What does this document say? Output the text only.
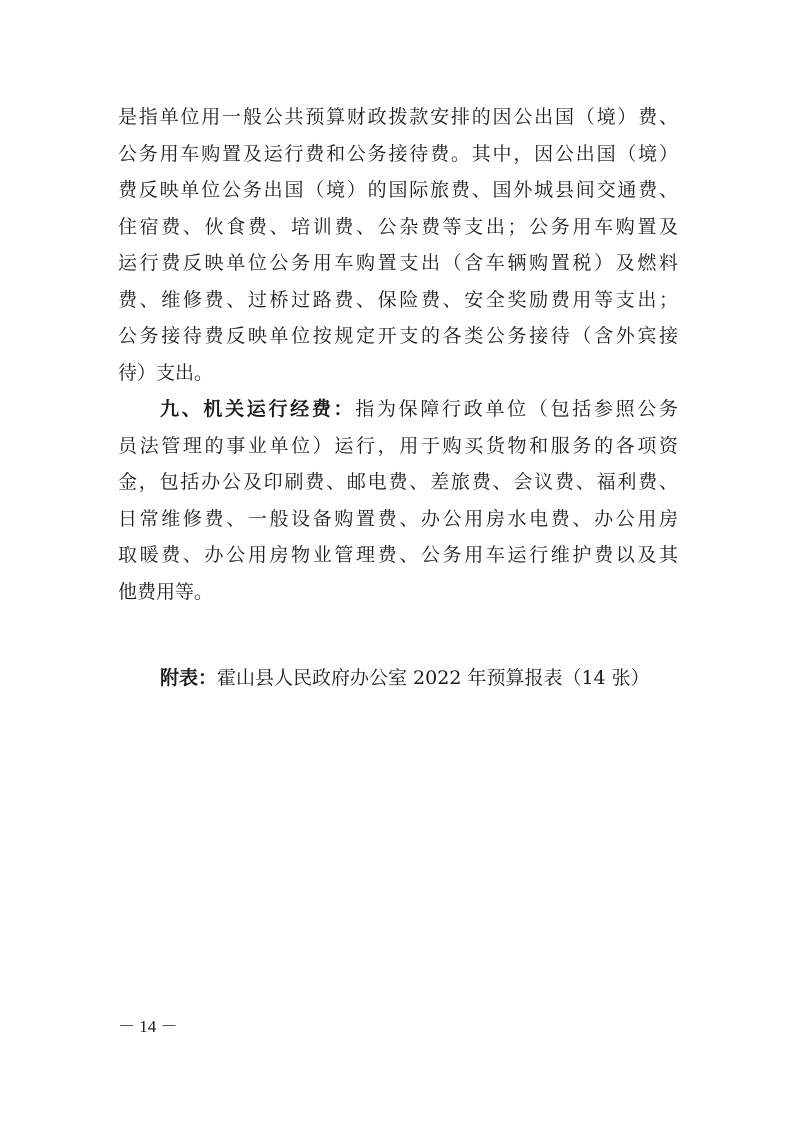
是指单位用一般公共预算财政拨款安排的因公出国（境）费、
公务用车购置及运行费和公务接待费。其中，因公出国（境）
费反映单位公务出国（境）的国际旅费、国外城县间交通费、
住宿费、伙食费、培训费、公杂费等支出；公务用车购置及
运行费反映单位公务用车购置支出（含车辆购置税）及燃料
费、维修费、过桥过路费、保险费、安全奖励费用等支出；
公务接待费反映单位按规定开支的各类公务接待（含外宾接
待）支出。
九、机关运行经费：指为保障行政单位（包括参照公务
员法管理的事业单位）运行，用于购买货物和服务的各项资
金，包括办公及印刷费、邮电费、差旅费、会议费、福利费、
日常维修费、一般设备购置费、办公用房水电费、办公用房
取暖费、办公用房物业管理费、公务用车运行维护费以及其
他费用等。
附表：霍山县人民政府办公室 2022 年预算报表（14 张）
－ 14 －
